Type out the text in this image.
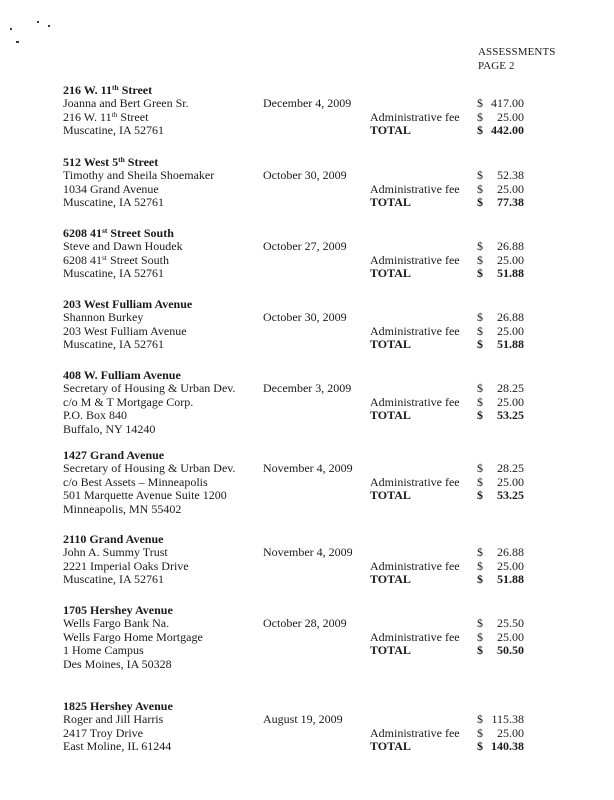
ASSESSMENTS
PAGE 2
216 W. 11th Street
Joanna and Bert Green Sr.	December 4, 2009	$ 417.00
216 W. 11th Street	Administrative fee $ 25.00
Muscatine, IA 52761	TOTAL	$ 442.00
512 West 5th Street
Timothy and Sheila Shoemaker	October 30, 2009	$ 52.38
1034 Grand Avenue	Administrative fee $ 25.00
Muscatine, IA 52761	TOTAL	$ 77.38
6208 41st Street South
Steve and Dawn Houdek	October 27, 2009	$ 26.88
6208 41st Street South	Administrative fee $ 25.00
Muscatine, IA 52761	TOTAL	$ 51.88
203 West Fulliam Avenue
Shannon Burkey	October 30, 2009	$ 26.88
203 West Fulliam Avenue	Administrative fee $ 25.00
Muscatine, IA 52761	TOTAL	$ 51.88
408 W. Fulliam Avenue
Secretary of Housing & Urban Dev. December 3, 2009	$ 28.25
c/o M & T Mortgage Corp.	Administrative fee $ 25.00
P.O. Box 840	TOTAL	$ 53.25
Buffalo, NY 14240
1427 Grand Avenue
Secretary of Housing & Urban Dev. November 4, 2009	$ 28.25
c/o Best Assets – Minneapolis	Administrative fee $ 25.00
501 Marquette Avenue Suite 1200	TOTAL	$ 53.25
Minneapolis, MN 55402
2110 Grand Avenue
John A. Summy Trust	November 4, 2009	$ 26.88
2221 Imperial Oaks Drive	Administrative fee $ 25.00
Muscatine, IA 52761	TOTAL	$ 51.88
1705 Hershey Avenue
Wells Fargo Bank Na.	October 28, 2009	$ 25.50
Wells Fargo Home Mortgage	Administrative fee $ 25.00
1 Home Campus	TOTAL	$ 50.50
Des Moines, IA 50328
1825 Hershey Avenue
Roger and Jill Harris	August 19, 2009	$ 115.38
2417 Troy Drive	Administrative fee $ 25.00
East Moline, IL 61244	TOTAL	$ 140.38
